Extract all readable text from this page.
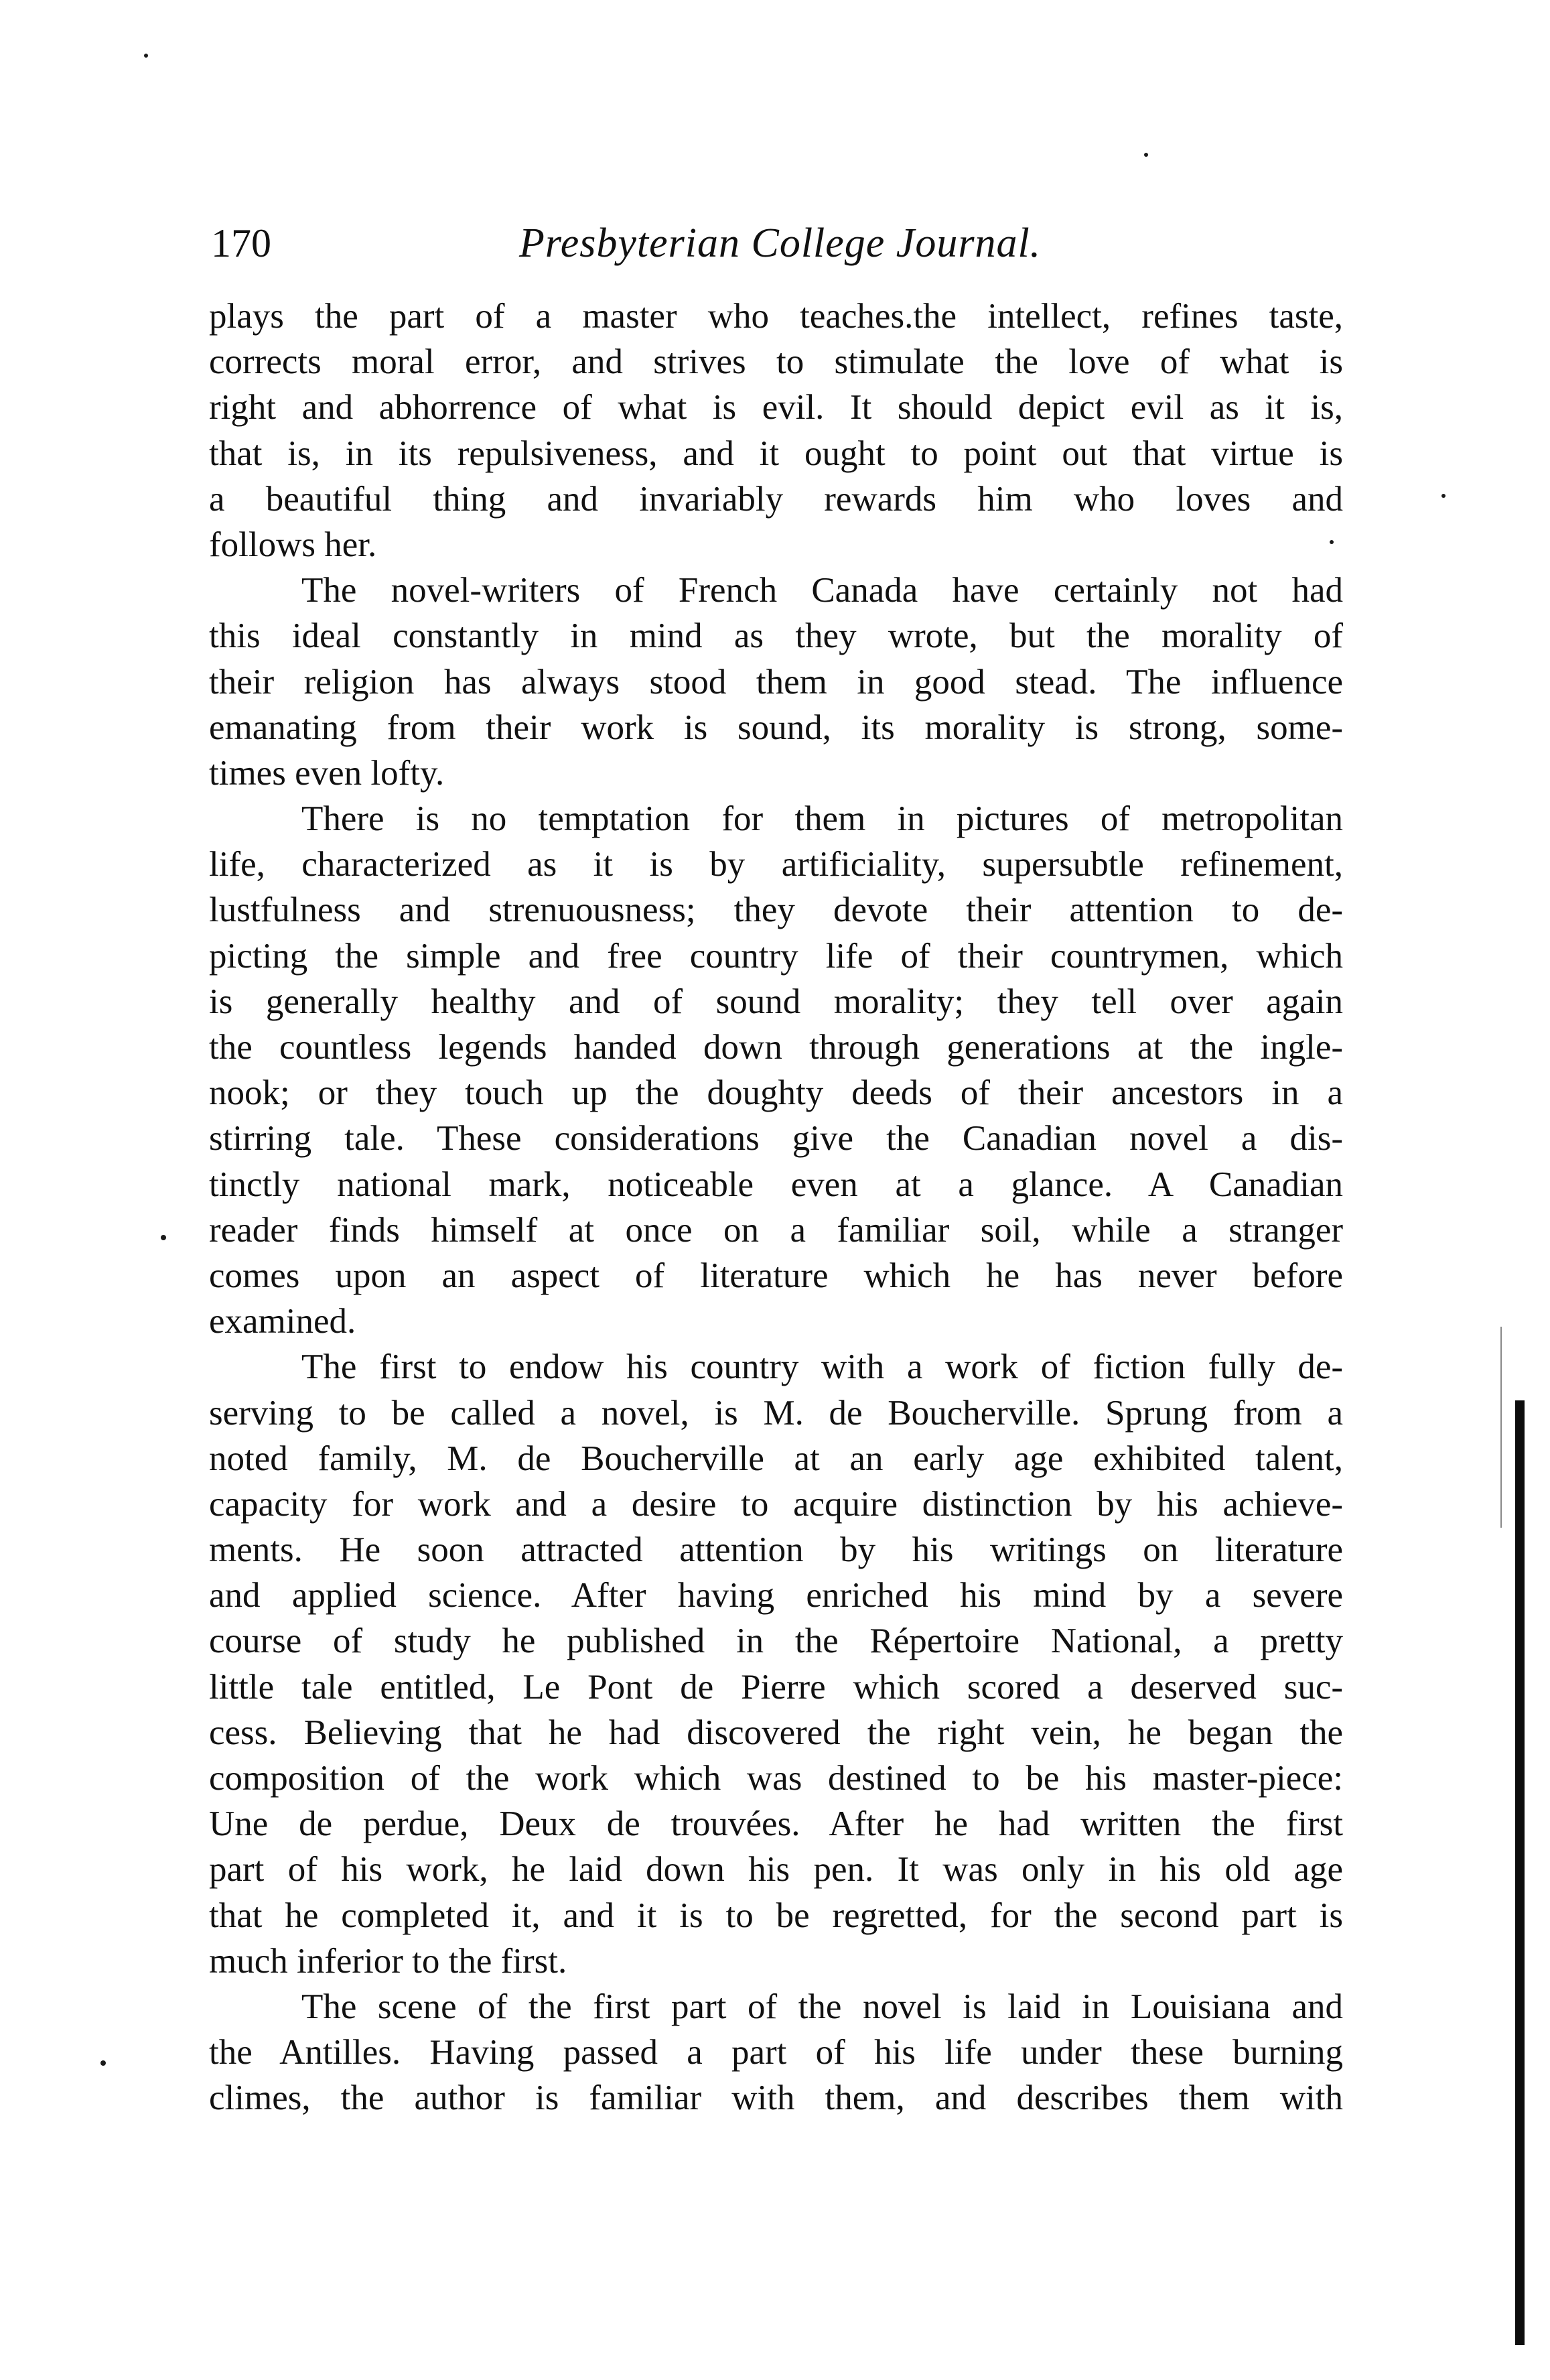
170	Presbyterian College Journal.
plays the part of a master who teaches.the intellect, refines taste,
corrects moral error, and strives to stimulate the love of what is
right and abhorrence of what is evil. It should depict evil as it is,
that is, in its repulsiveness, and it ought to point out that virtue is
a beautiful thing and invariably rewards him who loves and
follows her.
The novel-writers of French Canada have certainly not had
this ideal constantly in mind as they wrote, but the morality of
their religion has always stood them in good stead. The influence
emanating from their work is sound, its morality is strong, some-
times even lofty.
There is no temptation for them in pictures of metropolitan
life, characterized as it is by artificiality, supersubtle refinement,
lustfulness and strenuousness; they devote their attention to de-
picting the simple and free country life of their countrymen, which
is generally healthy and of sound morality; they tell over again
the countless legends handed down through generations at the ingle-
nook; or they touch up the doughty deeds of their ancestors in a
stirring tale. These considerations give the Canadian novel a dis-
tinctly national mark, noticeable even at a glance. A Canadian
reader finds himself at once on a familiar soil, while a stranger
comes upon an aspect of literature which he has never before
examined.
The first to endow his country with a work of fiction fully de-
serving to be called a novel, is M. de Boucherville. Sprung from a
noted family, M. de Boucherville at an early age exhibited talent,
capacity for work and a desire to acquire distinction by his achieve-
ments. He soon attracted attention by his writings on literature
and applied science. After having enriched his mind by a severe
course of study he published in the Répertoire National, a pretty
little tale entitled, Le Pont de Pierre which scored a deserved suc-
cess. Believing that he had discovered the right vein, he began the
composition of the work which was destined to be his master-piece:
Une de perdue, Deux de trouvées. After he had written the first
part of his work, he laid down his pen. It was only in his old age
that he completed it, and it is to be regretted, for the second part is
much inferior to the first.
The scene of the first part of the novel is laid in Louisiana and
the Antilles. Having passed a part of his life under these burning
climes, the author is familiar with them, and describes them with
